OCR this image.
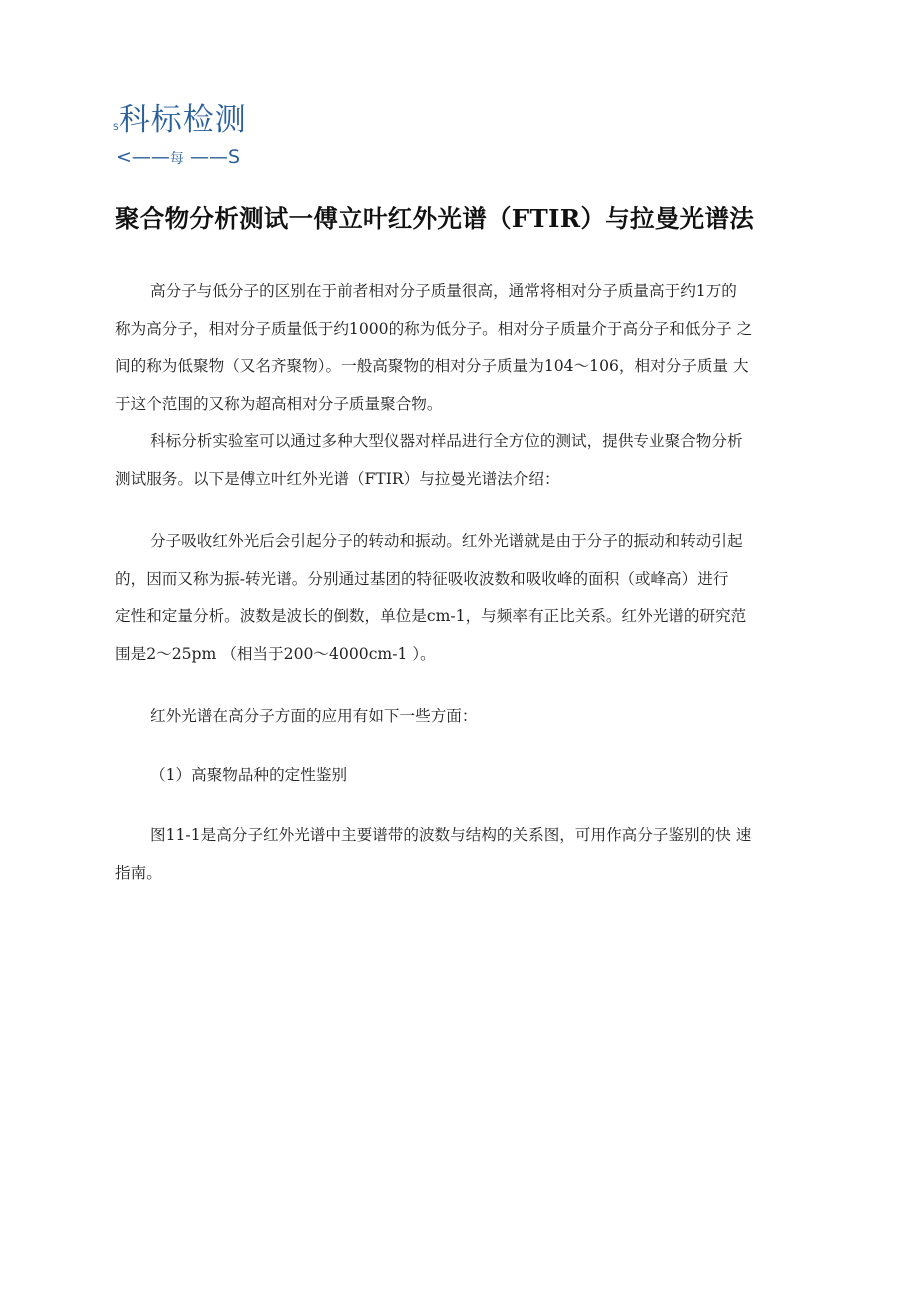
S科标检测
<——每 ——S
聚合物分析测试一傅立叶红外光谱（FTIR）与拉曼光谱法
高分子与低分子的区别在于前者相对分子质量很高，通常将相对分子质量高于约1万的
称为高分子，相对分子质量低于约1000的称为低分子。相对分子质量介于高分子和低分子 之
间的称为低聚物（又名齐聚物）。一般高聚物的相对分子质量为104〜106，相对分子质量 大
于这个范围的又称为超高相对分子质量聚合物。
科标分析实验室可以通过多种大型仪器对样品进行全方位的测试，提供专业聚合物分析
测试服务。以下是傅立叶红外光谱（FTIR）与拉曼光谱法介绍：
分子吸收红外光后会引起分子的转动和振动。红外光谱就是由于分子的振动和转动引起
的，因而又称为振-转光谱。分别通过基团的特征吸收波数和吸收峰的面积（或峰高）进行
定性和定量分析。波数是波长的倒数，单位是cm-1，与频率有正比关系。红外光谱的研究范
围是2〜25pm （相当于200〜4000cm-1 ）。
红外光谱在高分子方面的应用有如下一些方面：
（1）高聚物品种的定性鉴别
图11-1是高分子红外光谱中主要谱带的波数与结构的关系图，可用作高分子鉴别的快 速
指南。
